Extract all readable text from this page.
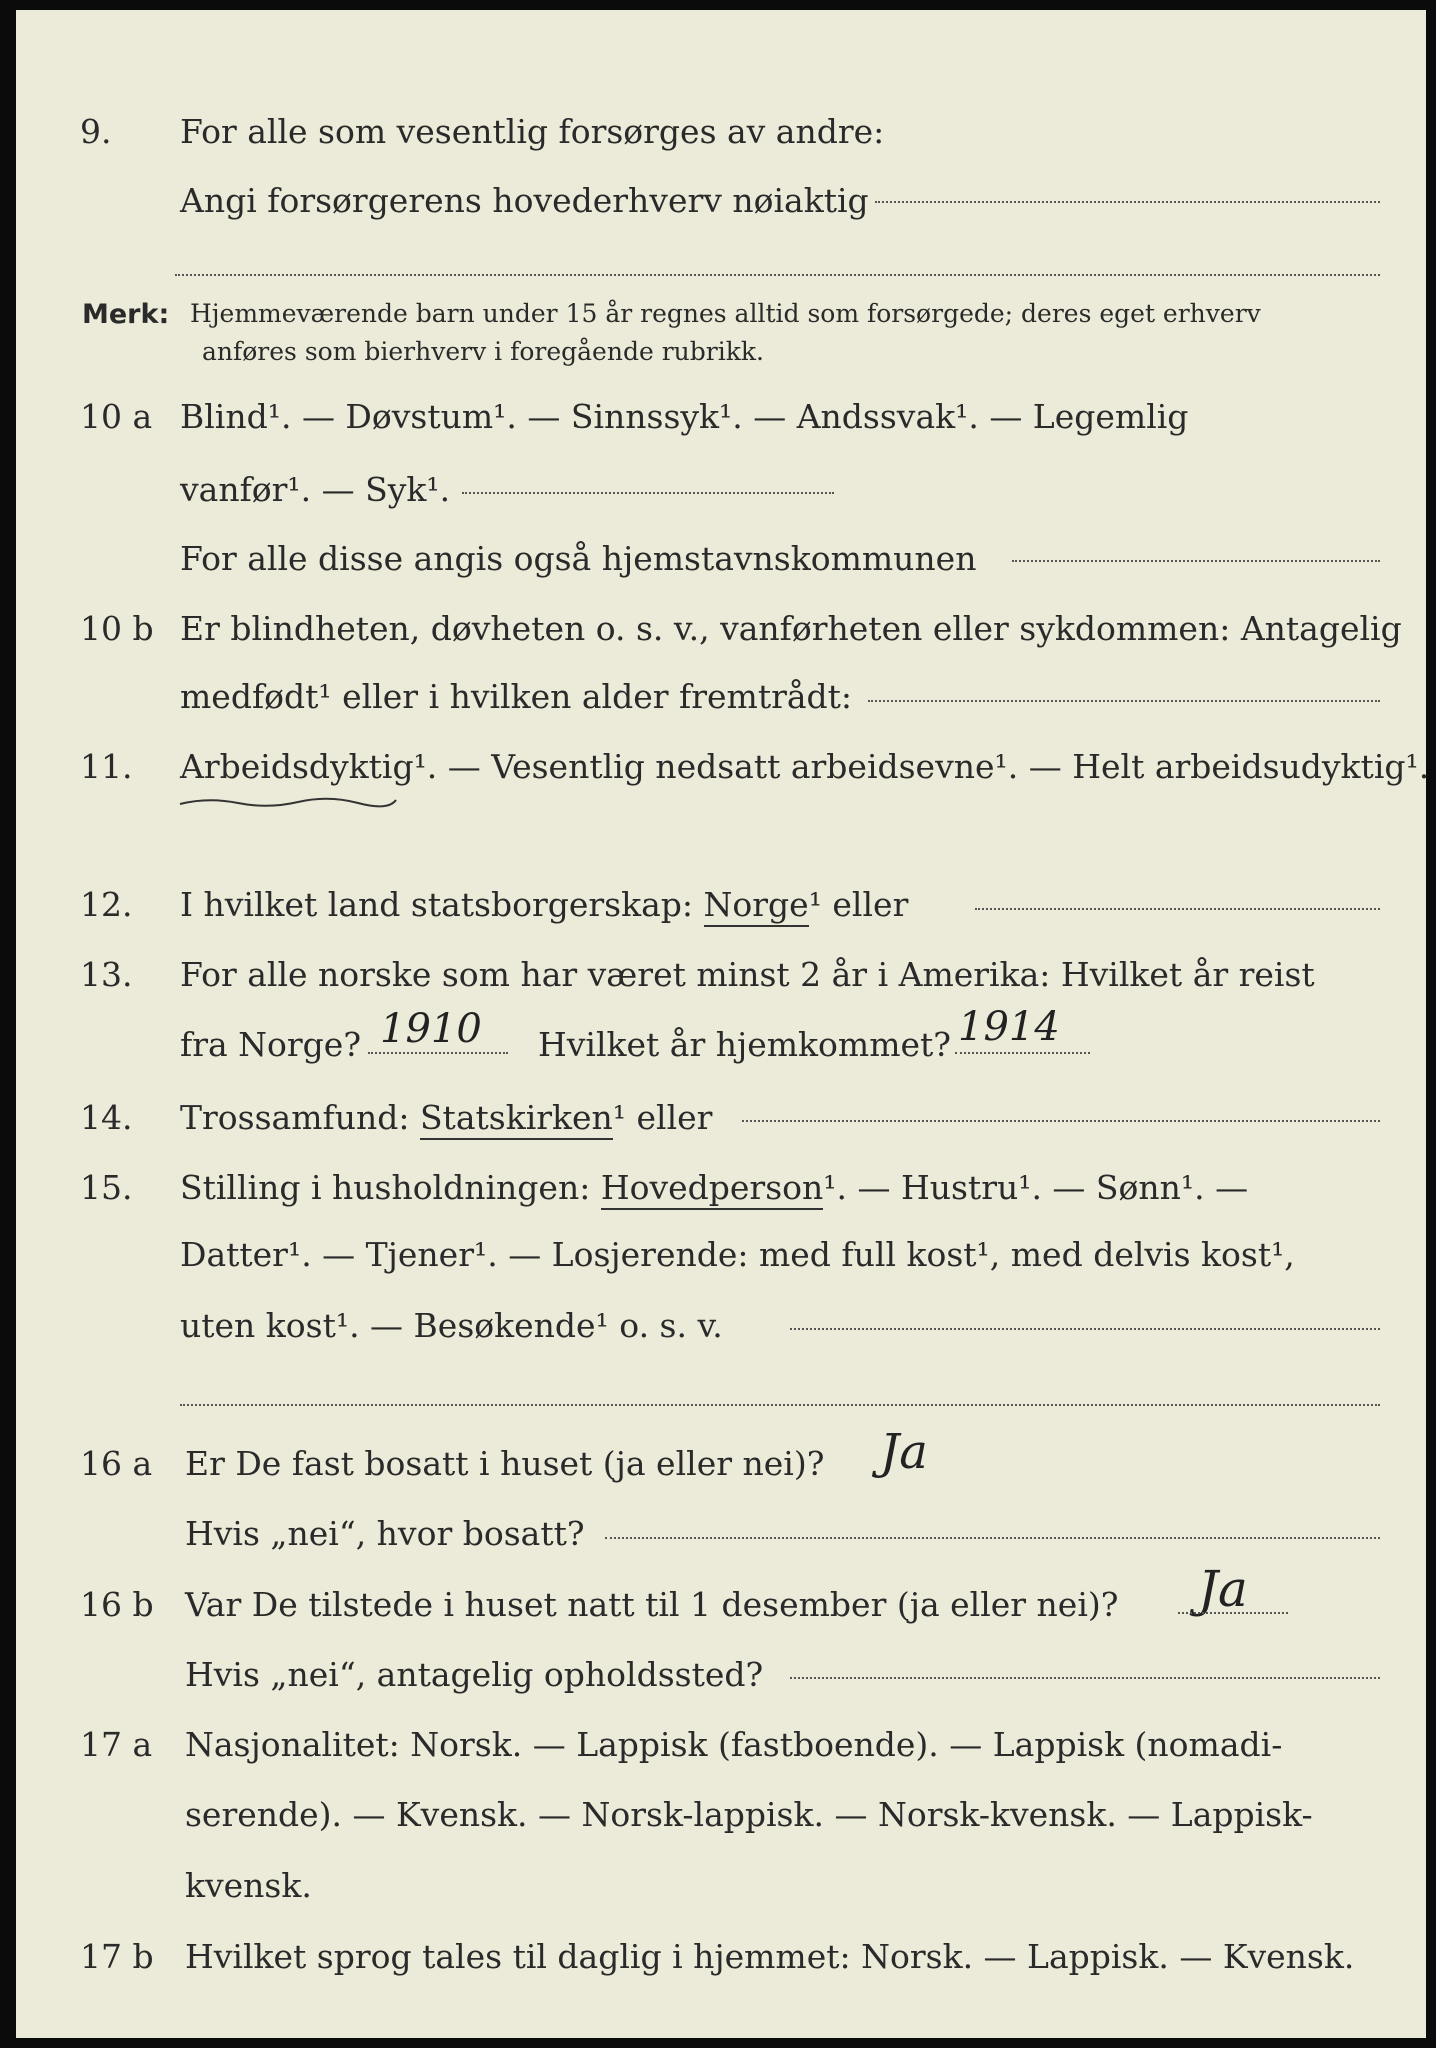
9. For alle som vesentlig forsørges av andre:
Angi forsørgerens hovederhverv nøiaktig
Merk: Hjemmeværende barn under 15 år regnes alltid som forsørgede; deres eget erhverv
anføres som bierhverv i foregående rubrikk.
10 a Blind¹. — Døvstum¹. — Sinnssyk¹. — Andssvak¹. — Legemlig
vanfør¹. — Syk¹.
For alle disse angis også hjemstavnskommunen
10 b Er blindheten, døvheten o. s. v., vanførheten eller sykdommen: Antagelig
medfødt¹ eller i hvilken alder fremtrådt:
11. Arbeidsdyktig¹. — Vesentlig nedsatt arbeidsevne¹. — Helt arbeidsudyktig¹.
12. I hvilket land statsborgerskap: Norge¹ eller
13. For alle norske som har været minst 2 år i Amerika: Hvilket år reist
fra Norge?	Hvilket år hjemkommet?
1910	1914
14. Trossamfund: Statskirken¹ eller
15. Stilling i husholdningen: Hovedperson¹. — Hustru¹. — Sønn¹. —
Datter¹. — Tjener¹. — Losjerende: med full kost¹, med delvis kost¹,
uten kost¹. — Besøkende¹ o. s. v.
16 a Er De fast bosatt i huset (ja eller nei)? Ja
Hvis „nei“, hvor bosatt?
16 b Var De tilstede i huset natt til 1 desember (ja eller nei)? Ja
Hvis „nei“, antagelig opholdssted?
17 a Nasjonalitet: Norsk. — Lappisk (fastboende). — Lappisk (nomadi-
serende). — Kvensk. — Norsk-lappisk. — Norsk-kvensk. — Lappisk-
kvensk.
17 b Hvilket sprog tales til daglig i hjemmet: Norsk. — Lappisk. — Kvensk.
